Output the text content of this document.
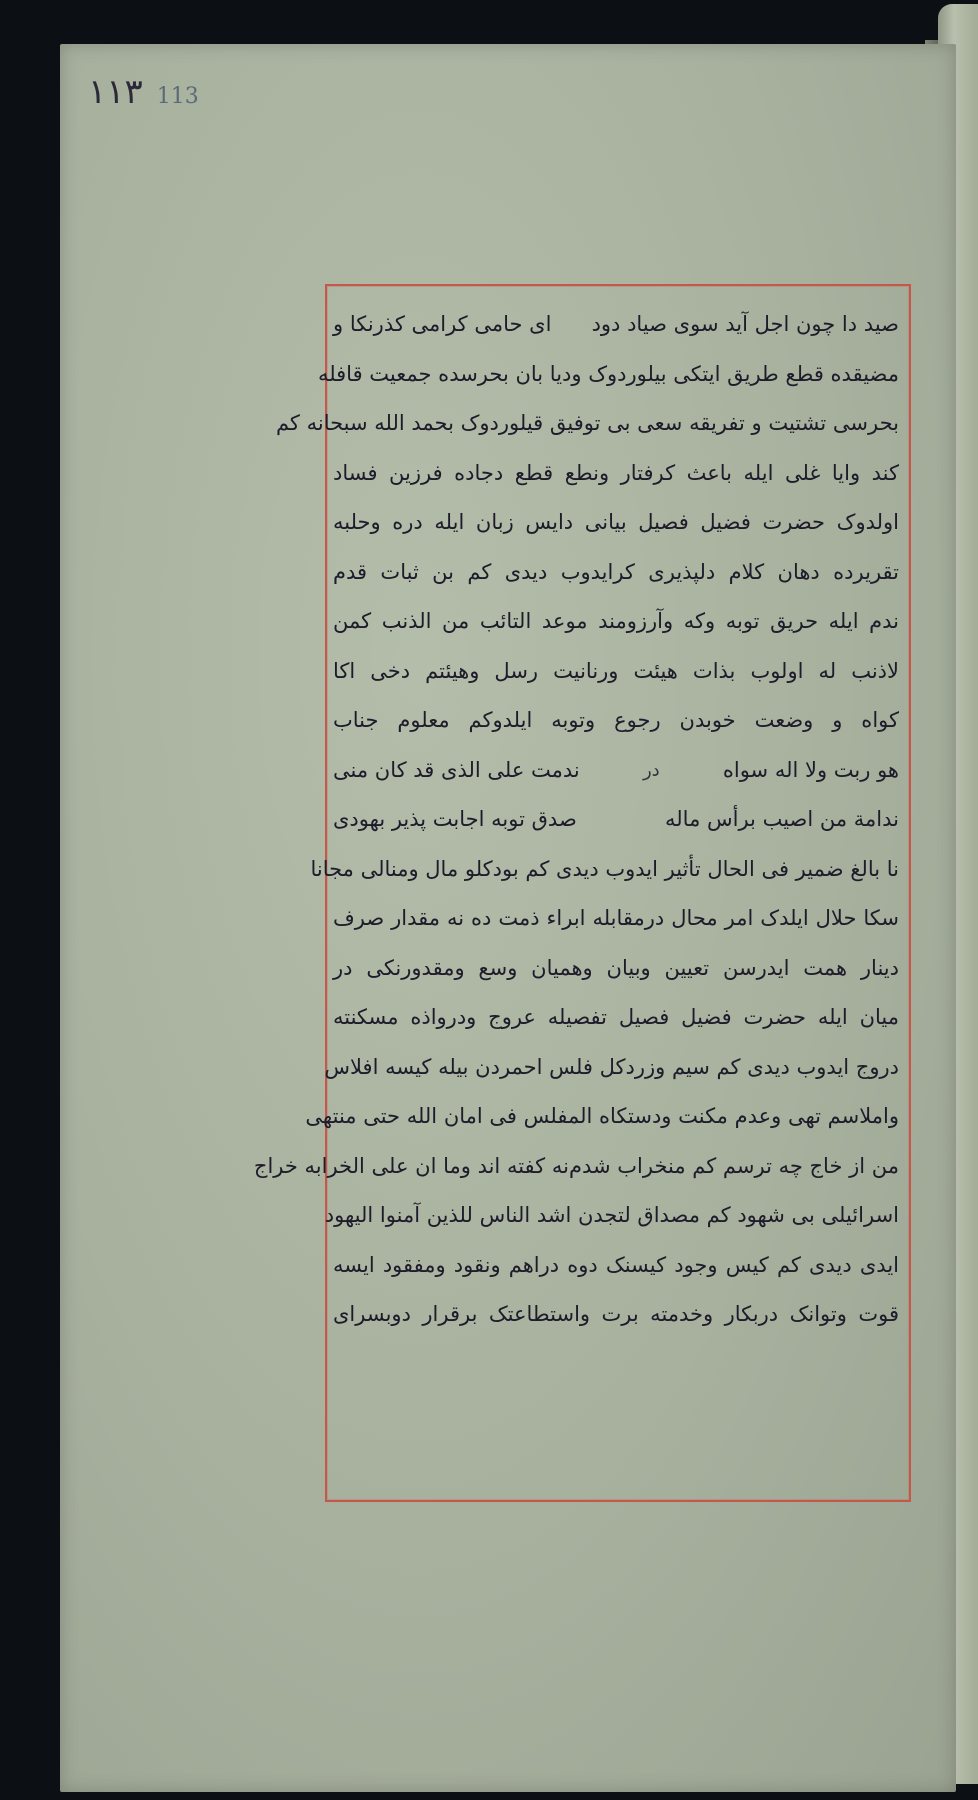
١١٣ 113
صید دا چون اجل آید سوی صیاد دود
ای حامی کرامی کذرنکا و
مضیقده قطع طریق ایتکی بیلوردوک ودیا بان بحرسده جمعیت قافله
بحرسی تشتیت و تفریقه سعی بی توفیق قیلوردوک بحمد الله سبحانه کم
کند وایا غلی ایله باعث کرفتار ونطع قطع دجاده فرزین فساد
اولدوک حضرت فضیل فصیل بیانی دایس زبان ایله دره وحلبه
تقریرده دهان کلام دلپذیری کرایدوب دیدی کم بن ثبات قدم
ندم ایله حریق توبه وکه وآرزومند موعد التائب من الذنب کمن
لاذنب له اولوب بذات هیئت ورنانیت رسل وهیئتم دخی اکا
کواه و وضعت خوبدن رجوع وتوبه ایلدوکم معلوم جناب
هو ربت ولا اله سواه
در
ندمت علی الذی قد کان منی
ندامة من اصیب برأس ماله
صدق توبه اجابت پذیر بهودی
نا بالغ ضمیر فی الحال تأثیر ایدوب دیدی کم بودکلو مال ومنالی مجانا
سکا حلال ایلدک امر محال درمقابله ابراء ذمت ده نه مقدار صرف
دینار همت ایدرسن تعیین وبیان وهمیان وسع ومقدورنکی در
میان ایله حضرت فضیل فصیل تفصیله عروج ودرواذه مسکنته
دروج ایدوب دیدی کم سیم وزردکل فلس احمردن بیله کیسه افلاس
واملاسم تهی وعدم مکنت ودستکاه المفلس فی امان الله حتی منتهی
من از خاج چه ترسم کم منخراب شدم
نه کفته اند وما ان علی الخرابه خراج
اسرائیلی بی شهود کم مصداق لتجدن اشد الناس للذین آمنوا الیهود
ایدی دیدی کم کیس وجود کیسنک دوه دراهم ونقود ومفقود ایسه
قوت وتوانک دربکار وخدمته برت واستطاعتک برقرار دوبسرای
